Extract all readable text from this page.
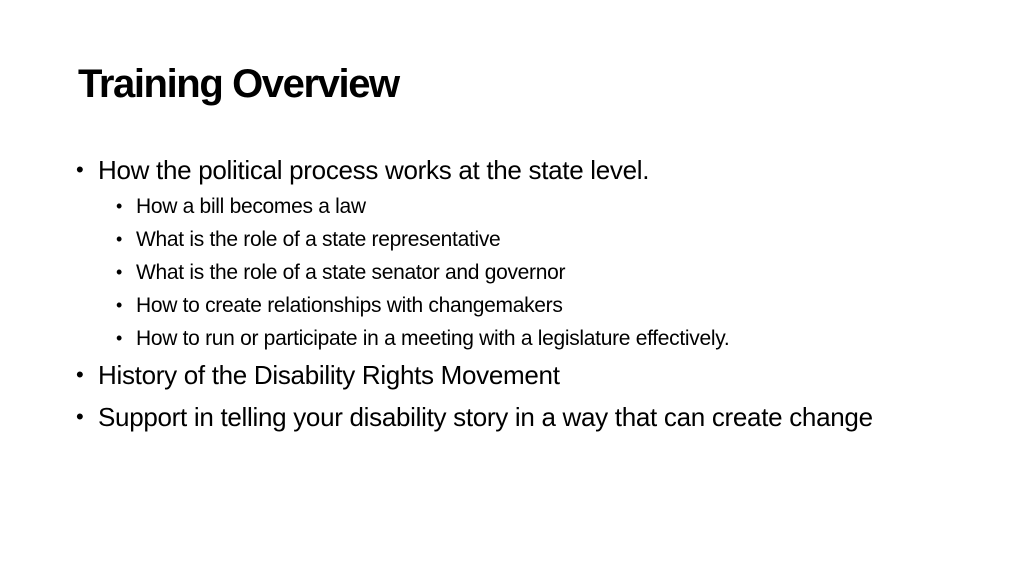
Training Overview
• How the political process works at the state level.
• How a bill becomes a law
• What is the role of a state representative
• What is the role of a state senator and governor
• How to create relationships with changemakers
• How to run or participate in a meeting with a legislature effectively.
• History of the Disability Rights Movement
• Support in telling your disability story in a way that can create change
